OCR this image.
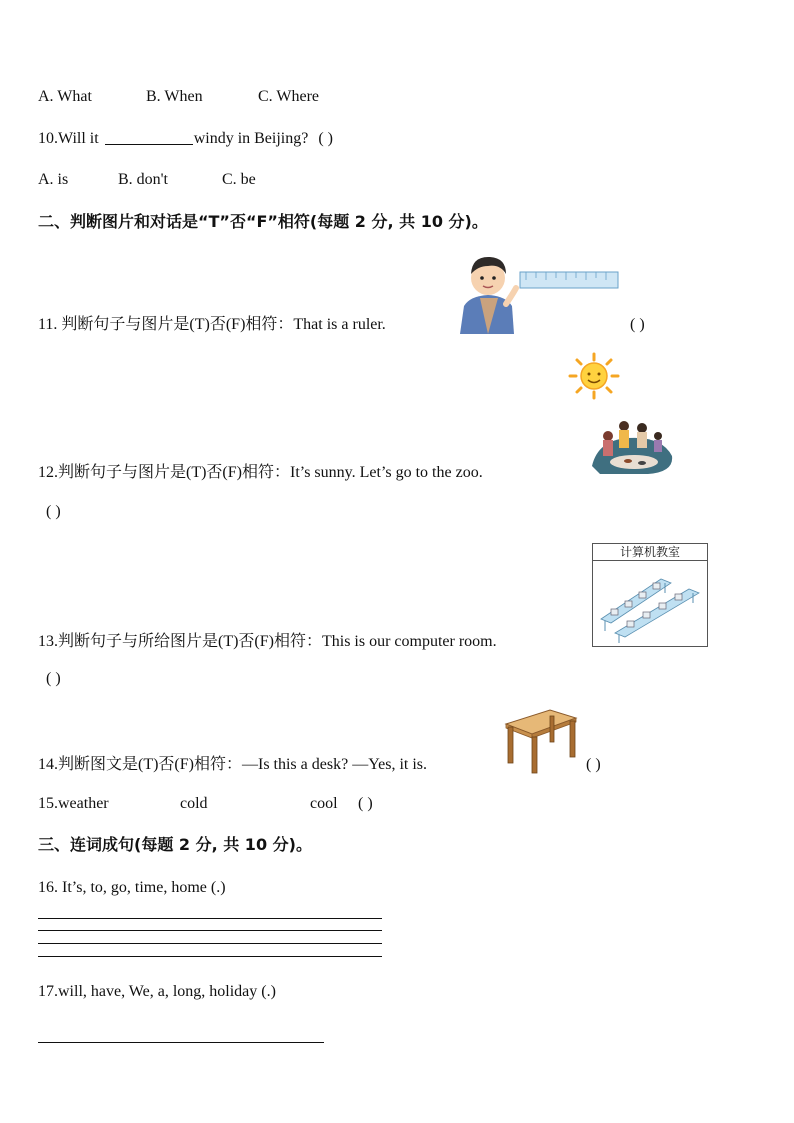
A. What	B. When	C. Where
10.Will it	windy in Beijing? ( )
A. is	B. don't	C. be
二、判断图片和对话是“T”否“F”相符(每题 2 分, 共 10 分)。
11. 判断句子与图片是(T)否(F)相符：That is a ruler.	( )
12.判断句子与图片是(T)否(F)相符：It’s sunny. Let’s go to the zoo.
( )
计算机教室
13.判断句子与所给图片是(T)否(F)相符：This is our computer room.
( )
14.判断图文是(T)否(F)相符：—Is this a desk? —Yes, it is.	( )
15.weather	cold	cool ( )
三、连词成句(每题 2 分, 共 10 分)。
16. It’s, to, go, time, home (.)
17.will, have, We, a, long, holiday (.)
